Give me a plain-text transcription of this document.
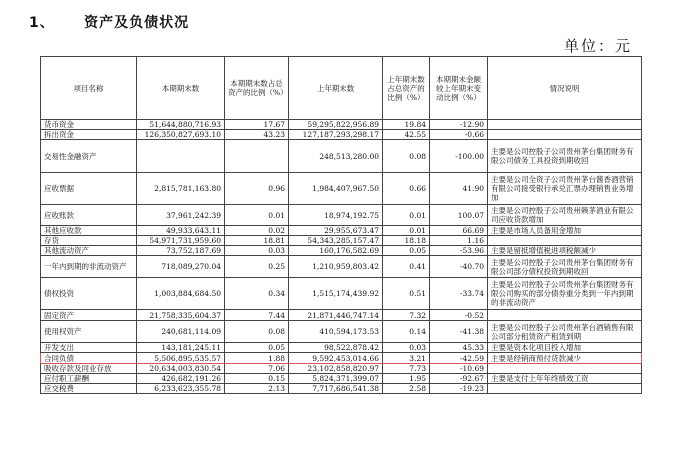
1、 资产及负债状况
单位：元
项目名称	本期期末数	本期期末数占总资产的比例（%）	上年期末数	上年期末数占总资产的比例（%）	本期期末金额较上年期末变动比例（%）	情况说明
货币资金	51,644,880,716.93	17.67	59,295,822,956.89	19.84	-12.90	
拆出资金	126,350,827,693.10	43.23	127,187,293,298.17	42.55	-0.66	
交易性金融资产			248,513,280.00	0.08	-100.00	主要是公司控股子公司贵州茅台集团财务有限公司债务工具投资到期收回
应收票据	2,815,781,163.80	0.96	1,984,407,967.50	0.66	41.90	主要是公司全资子公司贵州茅台酱香酒营销有限公司接受银行承兑汇票办理销售业务增加
应收账款	37,961,242.39	0.01	18,974,192.75	0.01	100.07	主要是公司控股子公司贵州赖茅酒业有限公司应收货款增加
其他应收款	49,933,643.11	0.02	29,955,673.47	0.01	66.69	主要是市场人员备用金增加
存货	54,971,731,959.60	18.81	54,343,285,157.47	18.18	1.16	
其他流动资产	73,752,187.69	0.03	160,176,582.69	0.05	-53.96	主要是留抵增值税进项税额减少
一年内到期的非流动资产	718,089,270.04	0.25	1,210,959,803.42	0.41	-40.70	主要是公司控股子公司贵州茅台集团财务有限公司部分债权投资到期收回
债权投资	1,003,884,684.50	0.34	1,515,174,439.92	0.51	-33.74	主要是公司控股子公司贵州茅台集团财务有限公司购买的部分债券重分类到一年内到期的非流动资产
固定资产	21,758,335,604.37	7.44	21,871,446,747.14	7.32	-0.52	
使用权资产	240,681,114.09	0.08	410,594,173.53	0.14	-41.38	主要是公司控股子公司贵州茅台酒销售有限公司部分租赁资产租赁到期
开发支出	143,181,245.11	0.05	98,522,878.42	0.03	45.33	主要是资本化项目投入增加
合同负债	5,506,895,535.57	1.88	9,592,453,014.66	3.21	-42.59	主要是经销商预付货款减少
吸收存款及同业存放	20,634,003,830.54	7.06	23,102,858,820.97	7.73	-10.69	
应付职工薪酬	426,682,191.26	0.15	5,824,371,399.07	1.95	-92.67	主要是支付上年年终绩效工资
应交税费	6,233,623,355.78	2.13	7,717,686,541.38	2.58	-19.23	
